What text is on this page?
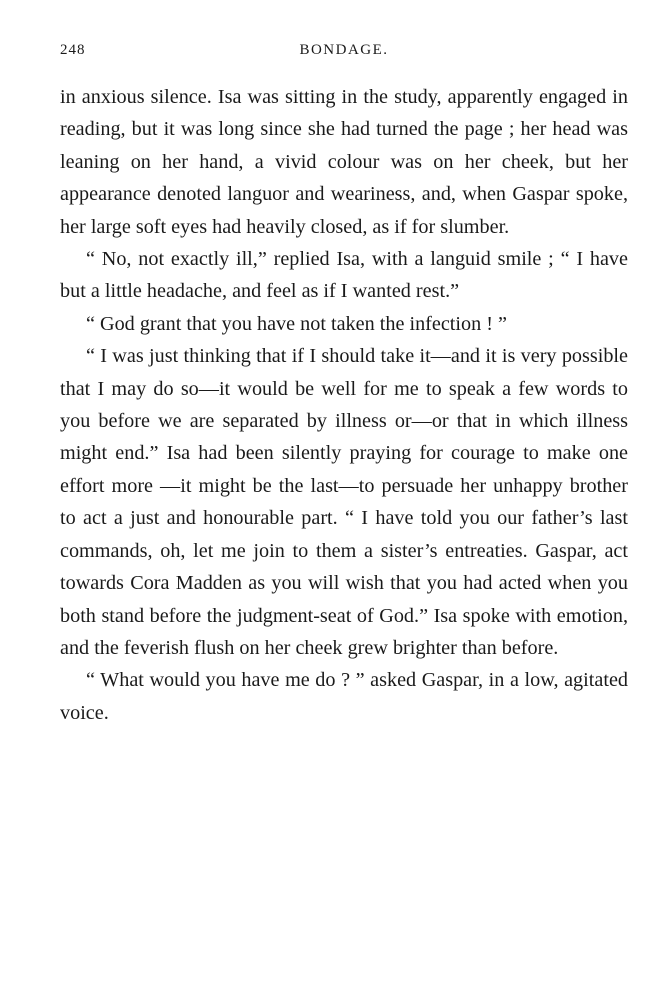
248	BONDAGE.

in anxious silence. Isa was sitting in the study, apparently engaged in reading, but it was long since she had turned the page ; her head was leaning on her hand, a vivid colour was on her cheek, but her appearance denoted languor and weariness, and, when Gaspar spoke, her large soft eyes had heavily closed, as if for slumber.

“ No, not exactly ill,” replied Isa, with a languid smile ; “ I have but a little headache, and feel as if I wanted rest.”

“ God grant that you have not taken the infection ! ”

“ I was just thinking that if I should take it—and it is very possible that I may do so—it would be well for me to speak a few words to you before we are separated by illness or—or that in which illness might end.” Isa had been silently praying for courage to make one effort more —it might be the last—to persuade her unhappy brother to act a just and honourable part. “ I have told you our father’s last commands, oh, let me join to them a sister’s entreaties. Gaspar, act towards Cora Madden as you will wish that you had acted when you both stand before the judgment-seat of God.” Isa spoke with emotion, and the feverish flush on her cheek grew brighter than before.

“ What would you have me do ? ” asked Gaspar, in a low, agitated voice.
